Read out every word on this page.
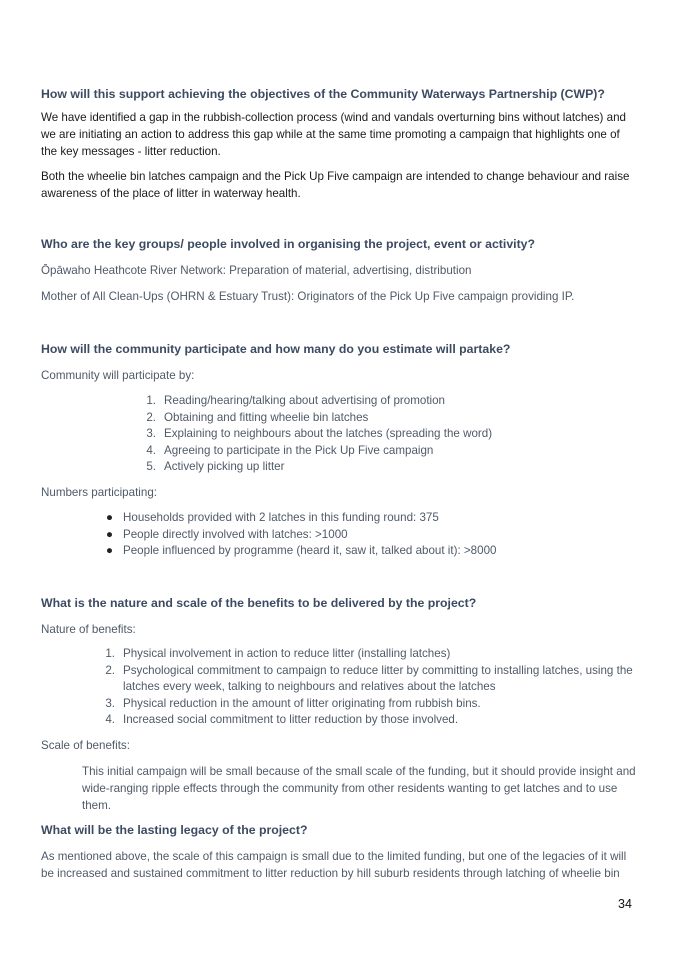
How will this support achieving the objectives of the Community Waterways Partnership (CWP)?
We have identified a gap in the rubbish-collection process (wind and vandals overturning bins without latches) and
we are initiating an action to address this gap while at the same time promoting a campaign that highlights one of
the key messages - litter reduction.
Both the wheelie bin latches campaign and the Pick Up Five campaign are intended to change behaviour and raise
awareness of the place of litter in waterway health.
Who are the key groups/ people involved in organising the project, event or activity?
Ōpāwaho Heathcote River Network: Preparation of material, advertising, distribution
Mother of All Clean-Ups (OHRN & Estuary Trust): Originators of the Pick Up Five campaign providing IP.
How will the community participate and how many do you estimate will partake?
Community will participate by:
1. Reading/hearing/talking about advertising of promotion
2. Obtaining and fitting wheelie bin latches
3. Explaining to neighbours about the latches (spreading the word)
4. Agreeing to participate in the Pick Up Five campaign
5. Actively picking up litter
Numbers participating:
● Households provided with 2 latches in this funding round: 375
● People directly involved with latches: >1000
● People influenced by programme (heard it, saw it, talked about it): >8000
What is the nature and scale of the benefits to be delivered by the project?
Nature of benefits:
1. Physical involvement in action to reduce litter (installing latches)
2. Psychological commitment to campaign to reduce litter by committing to installing latches, using the
latches every week, talking to neighbours and relatives about the latches
3. Physical reduction in the amount of litter originating from rubbish bins.
4. Increased social commitment to litter reduction by those involved.
Scale of benefits:
This initial campaign will be small because of the small scale of the funding, but it should provide insight and
wide-ranging ripple effects through the community from other residents wanting to get latches and to use
them.
What will be the lasting legacy of the project?
As mentioned above, the scale of this campaign is small due to the limited funding, but one of the legacies of it will
be increased and sustained commitment to litter reduction by hill suburb residents through latching of wheelie bin
34
